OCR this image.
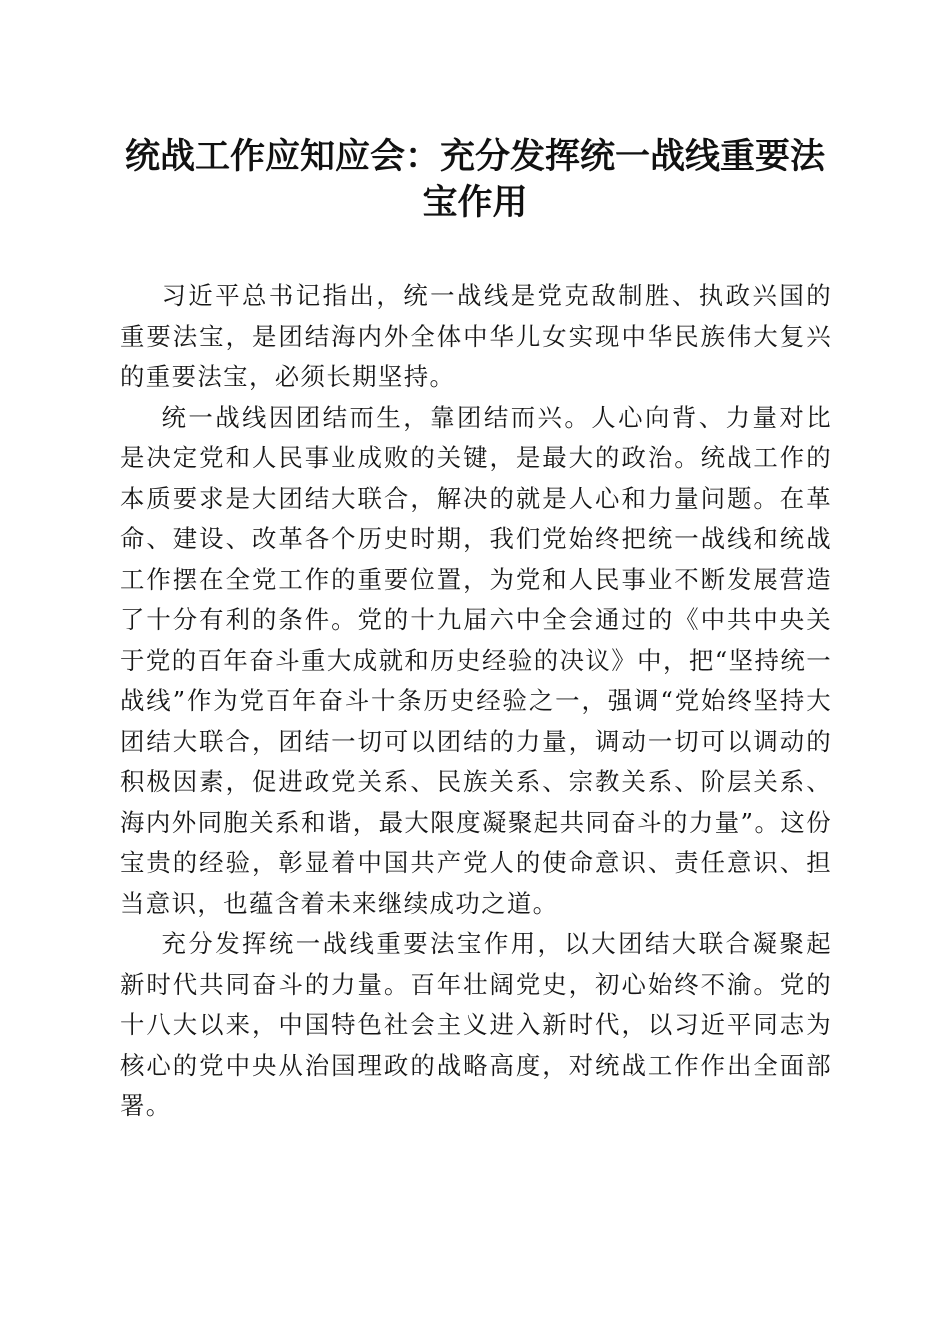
统战工作应知应会：充分发挥统一战线重要法宝作用

习近平总书记指出，统一战线是党克敌制胜、执政兴国的重要法宝，是团结海内外全体中华儿女实现中华民族伟大复兴的重要法宝，必须长期坚持。

统一战线因团结而生，靠团结而兴。人心向背、力量对比是决定党和人民事业成败的关键，是最大的政治。统战工作的本质要求是大团结大联合，解决的就是人心和力量问题。在革命、建设、改革各个历史时期，我们党始终把统一战线和统战工作摆在全党工作的重要位置，为党和人民事业不断发展营造了十分有利的条件。党的十九届六中全会通过的《中共中央关于党的百年奋斗重大成就和历史经验的决议》中，把“坚持统一战线”作为党百年奋斗十条历史经验之一，强调“党始终坚持大团结大联合，团结一切可以团结的力量，调动一切可以调动的积极因素，促进政党关系、民族关系、宗教关系、阶层关系、海内外同胞关系和谐，最大限度凝聚起共同奋斗的力量”。这份宝贵的经验，彰显着中国共产党人的使命意识、责任意识、担当意识，也蕴含着未来继续成功之道。

充分发挥统一战线重要法宝作用，以大团结大联合凝聚起新时代共同奋斗的力量。百年壮阔党史，初心始终不渝。党的十八大以来，中国特色社会主义进入新时代，以习近平同志为核心的党中央从治国理政的战略高度，对统战工作作出全面部署。
